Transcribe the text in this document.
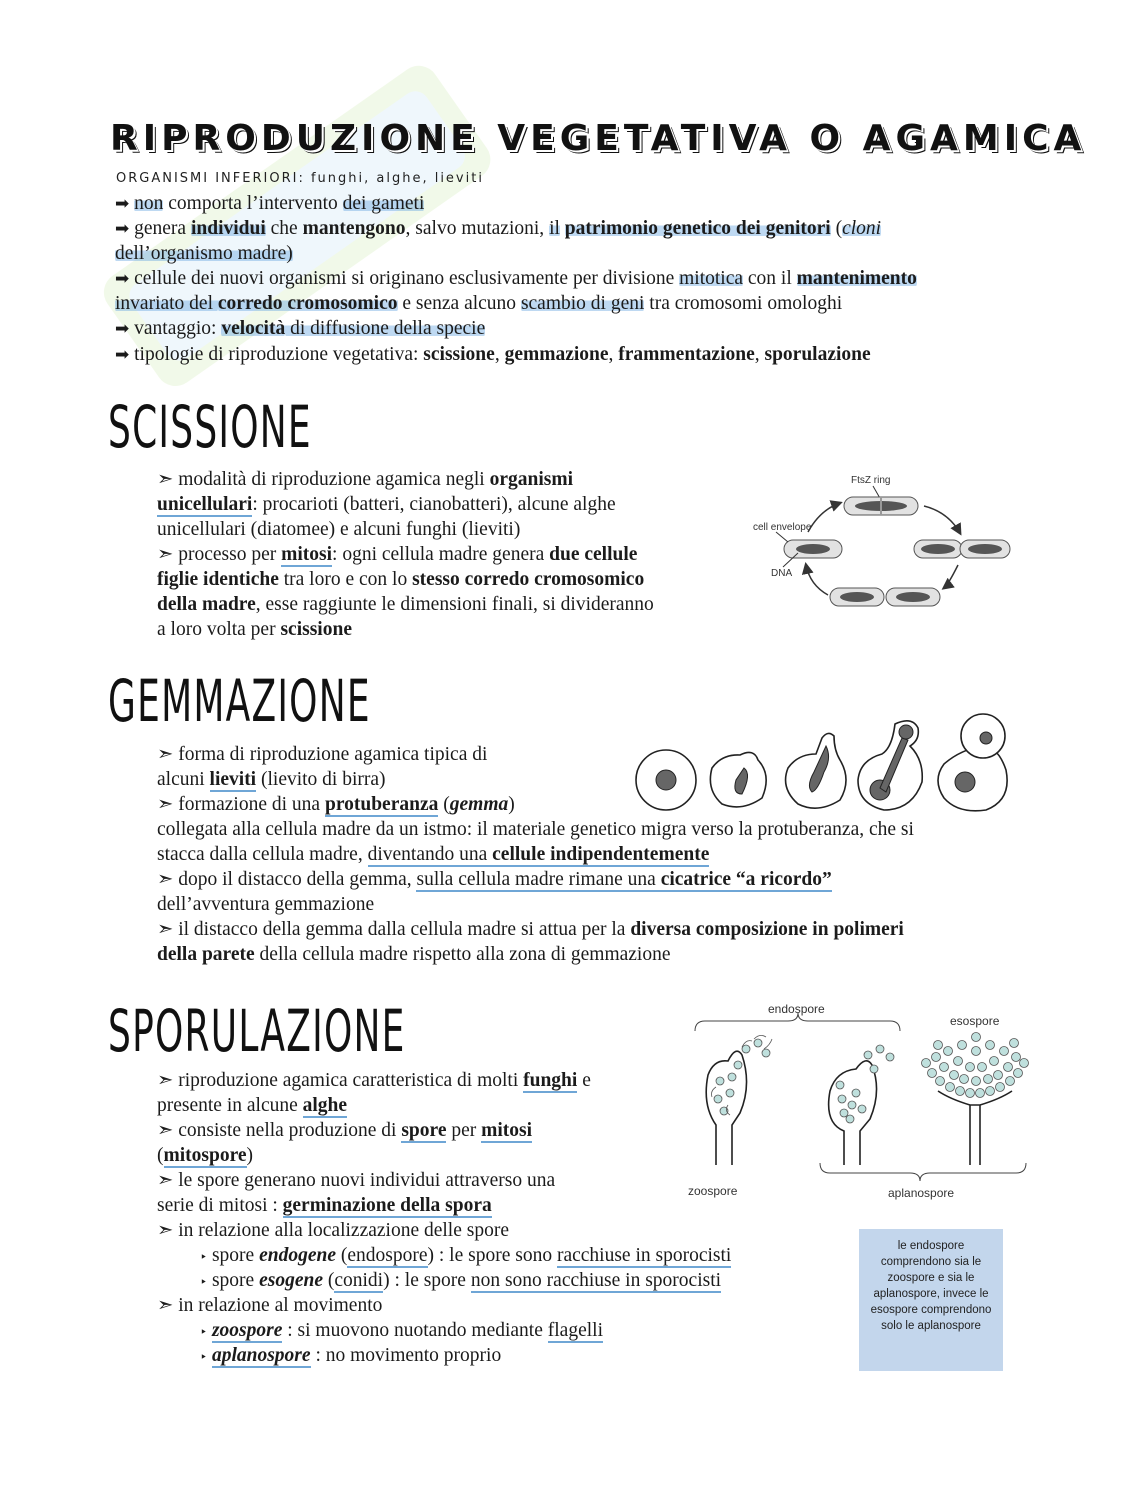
RIPRODUZIONE VEGETATIVA O AGAMICA
ORGANISMI INFERIORI: funghi, alghe, lieviti
➡ non comporta l’intervento dei gameti
➡ genera individui che mantengono, salvo mutazioni, il patrimonio genetico dei genitori (cloni
dell’organismo madre)
➡ cellule dei nuovi organismi si originano esclusivamente per divisione mitotica con il mantenimento
invariato del corredo cromosomico e senza alcuno scambio di geni tra cromosomi omologhi
➡ vantaggio: velocità di diffusione della specie
➡ tipologie di riproduzione vegetativa: scissione, gemmazione, frammentazione, sporulazione
SCISSIONE
➣ modalità di riproduzione agamica negli organismi
unicellulari: procarioti (batteri, cianobatteri), alcune alghe
unicellulari (diatomee) e alcuni funghi (lieviti)
➣ processo per mitosi: ogni cellula madre genera due cellule
figlie identiche tra loro e con lo stesso corredo cromosomico
della madre, esse raggiunte le dimensioni finali, si divideranno
a loro volta per scissione
FtsZ ring
cell envelope
DNA
GEMMAZIONE
➣ forma di riproduzione agamica tipica di
alcuni lieviti (lievito di birra)
➣ formazione di una protuberanza (gemma)
collegata alla cellula madre da un istmo: il materiale genetico migra verso la protuberanza, che si
stacca dalla cellula madre, diventando una cellule indipendentemente
➣ dopo il distacco della gemma, sulla cellula madre rimane una cicatrice “a ricordo”
dell’avventura gemmazione
➣ il distacco della gemma dalla cellula madre si attua per la diversa composizione in polimeri
della parete della cellula madre rispetto alla zona di gemmazione
SPORULAZIONE
➣ riproduzione agamica caratteristica di molti funghi e
presente in alcune alghe
➣ consiste nella produzione di spore per mitosi
(mitospore)
➣ le spore generano nuovi individui attraverso una
serie di mitosi : germinazione della spora
➣ in relazione alla localizzazione delle spore
‣ spore endogene (endospore) : le spore sono racchiuse in sporocisti
‣ spore esogene (conidi) : le spore non sono racchiuse in sporocisti
➣ in relazione al movimento
‣ zoospore : si muovono nuotando mediante flagelli
‣ aplanospore : no movimento proprio
endospore
esospore
zoospore	aplanospore
le endospore comprendono sia le zoospore e sia le aplanospore, invece le esospore comprendono solo le aplanospore
